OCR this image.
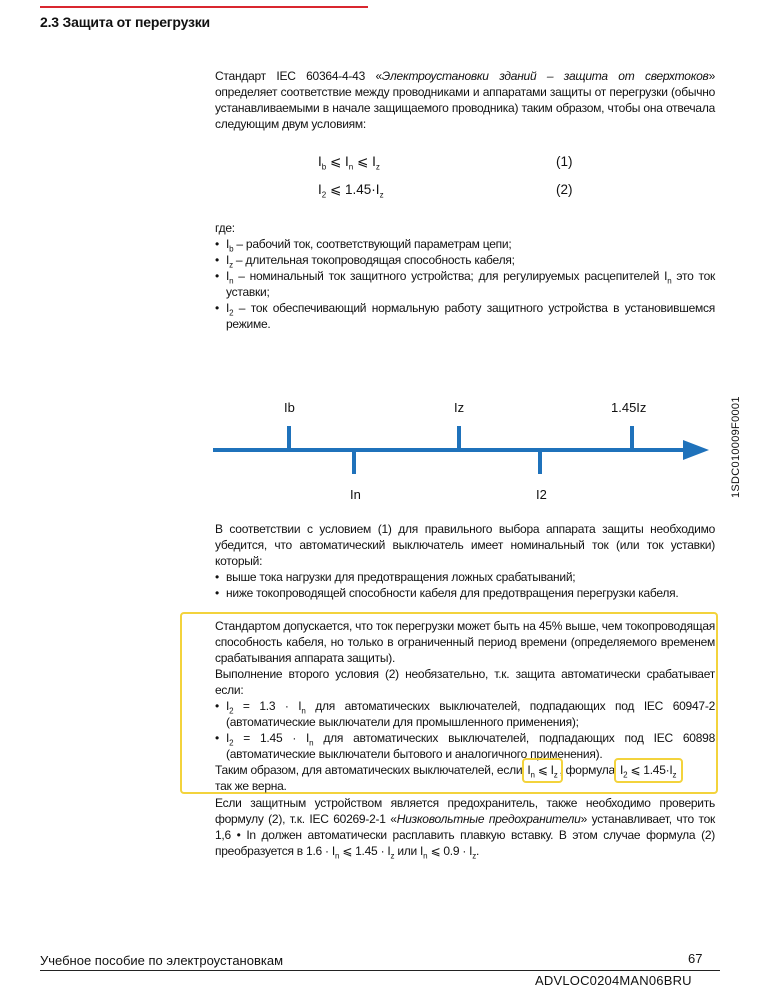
2.3 Защита от перегрузки

Стандарт IEC 60364-4-43 «Электроустановки зданий – защита от сверхтоков» определяет соответствие между проводниками и аппаратами защиты от перегрузки (обычно устанавливаемыми в начале защищаемого проводника) таким образом, чтобы она отвечала следующим двум условиям:

$I_b$ ⩽ $I_n$ ⩽ $I_z$	(1)
$I_2$ ⩽ $1.45\cdot I_z$	(2)

где:

• $I_b$ – рабочий ток, соответствующий параметрам цепи;
• $I_z$ – длительная токопроводящая способность кабеля;
• $I_n$ – номинальный ток защитного устройства; для регулируемых расцепителей $I_n$ это ток уставки;
• $I_2$ – ток обеспечивающий нормальную работу защитного устройства в установившемся режиме.
Ib	Iz	1.45Iz
In	I2	1SDC010009F0001

В соответствии с условием (1) для правильного выбора аппарата защиты необходимо убедится, что автоматический выключатель имеет номинальный ток (или ток уставки) который:

• выше тока нагрузки для предотвращения ложных срабатываний;
• ниже токопроводящей способности кабеля для предотвращения перегрузки кабеля.

Стандартом допускается, что ток перегрузки может быть на 45% выше, чем токопроводящая способность кабеля, но только в ограниченный период времени (определяемого временем срабатывания аппарата защиты).

Выполнение второго условия (2) необязательно, т.к. защита автоматически срабатывает если:

• $I_2 = 1.3 \cdot I_n$ для автоматических выключателей, подпадающих под IEC 60947-2 (автоматические выключатели для промышленного применения);
• $I_2 = 1.45 \cdot I_n$ для автоматических выключателей, подпадающих под IEC 60898 (автоматические выключатели бытового и аналогичного применения).

Таким образом, для автоматических выключателей, если $I_n$ ⩽ $I_z$ , формула $I_2$ ⩽ $1.45\cdot I_z$

так же верна.

Если защитным устройством является предохранитель, также необходимо проверить формулу (2), т.к. IEC 60269-2-1 «Низковольтные предохранители» устанавливает, что ток 1,6 • In должен автоматически расплавить плавкую вставку. В этом случае формула (2) преобразуется в $1.6 \cdot I_n$ ⩽ $1.45 \cdot I_z$ или $I_n$ ⩽ $0.9 \cdot I_z$.

Учебное пособие по электроустановкам	67
ADVLOC0204MAN06BRU
